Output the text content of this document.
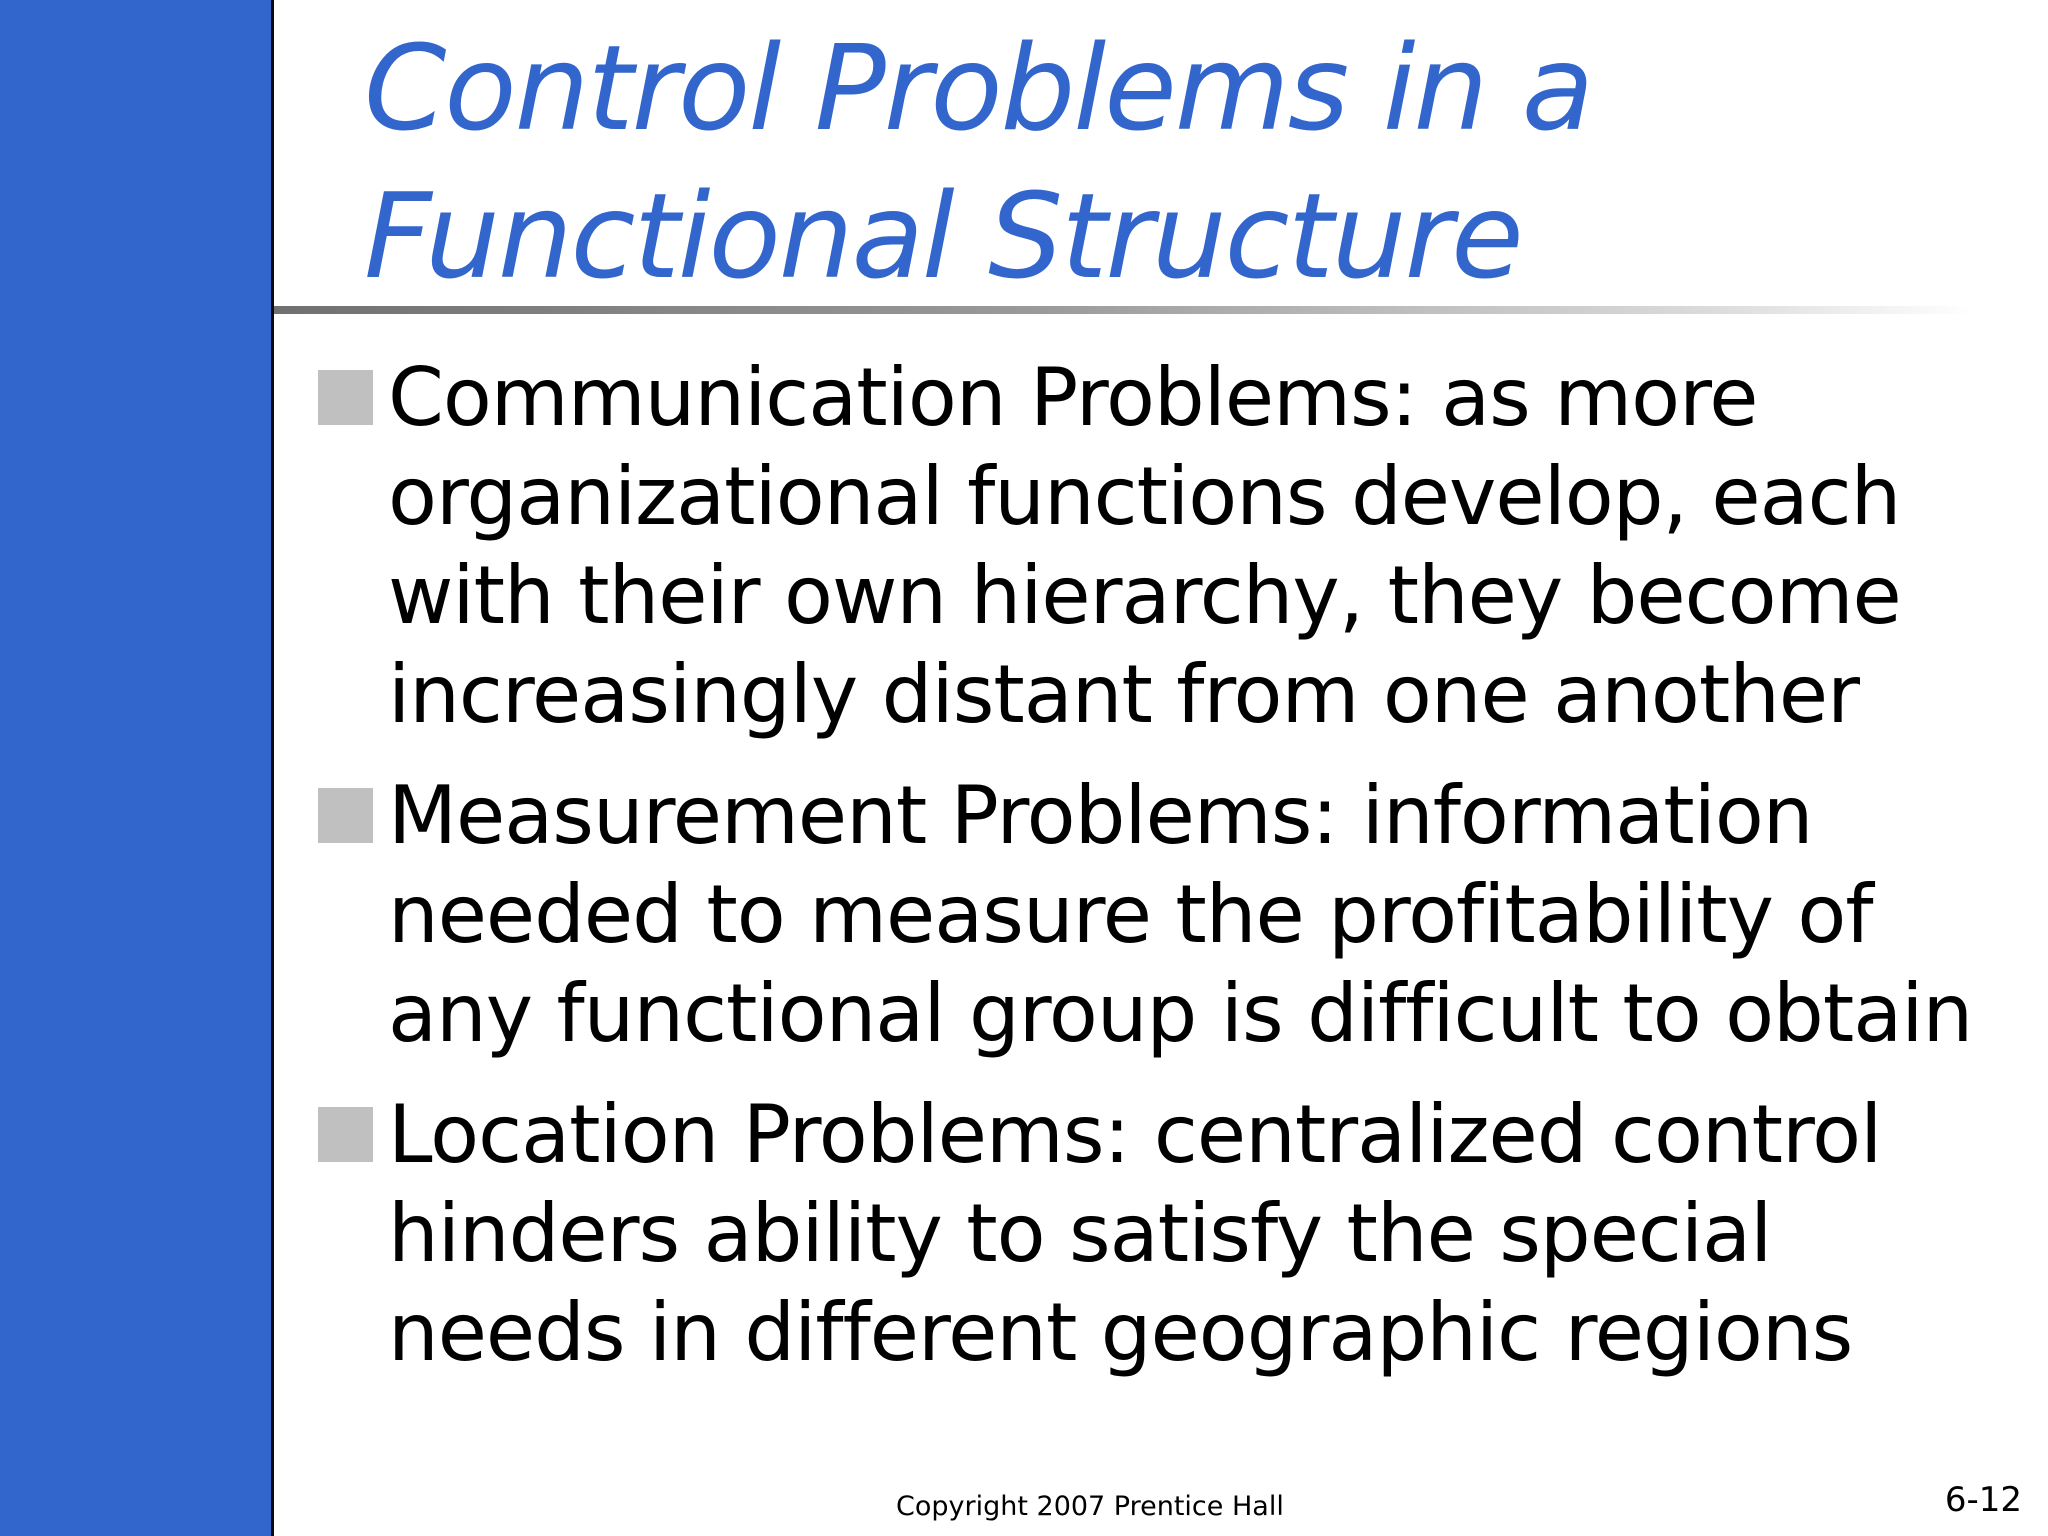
Control Problems in a
Functional Structure
Communication Problems: as more organizational functions develop, each with their own hierarchy, they become increasingly distant from one another
Measurement Problems: information needed to measure the profitability of any functional group is difficult to obtain
Location Problems: centralized control hinders ability to satisfy the special needs in different geographic regions
Copyright 2007 Prentice Hall	6-12
